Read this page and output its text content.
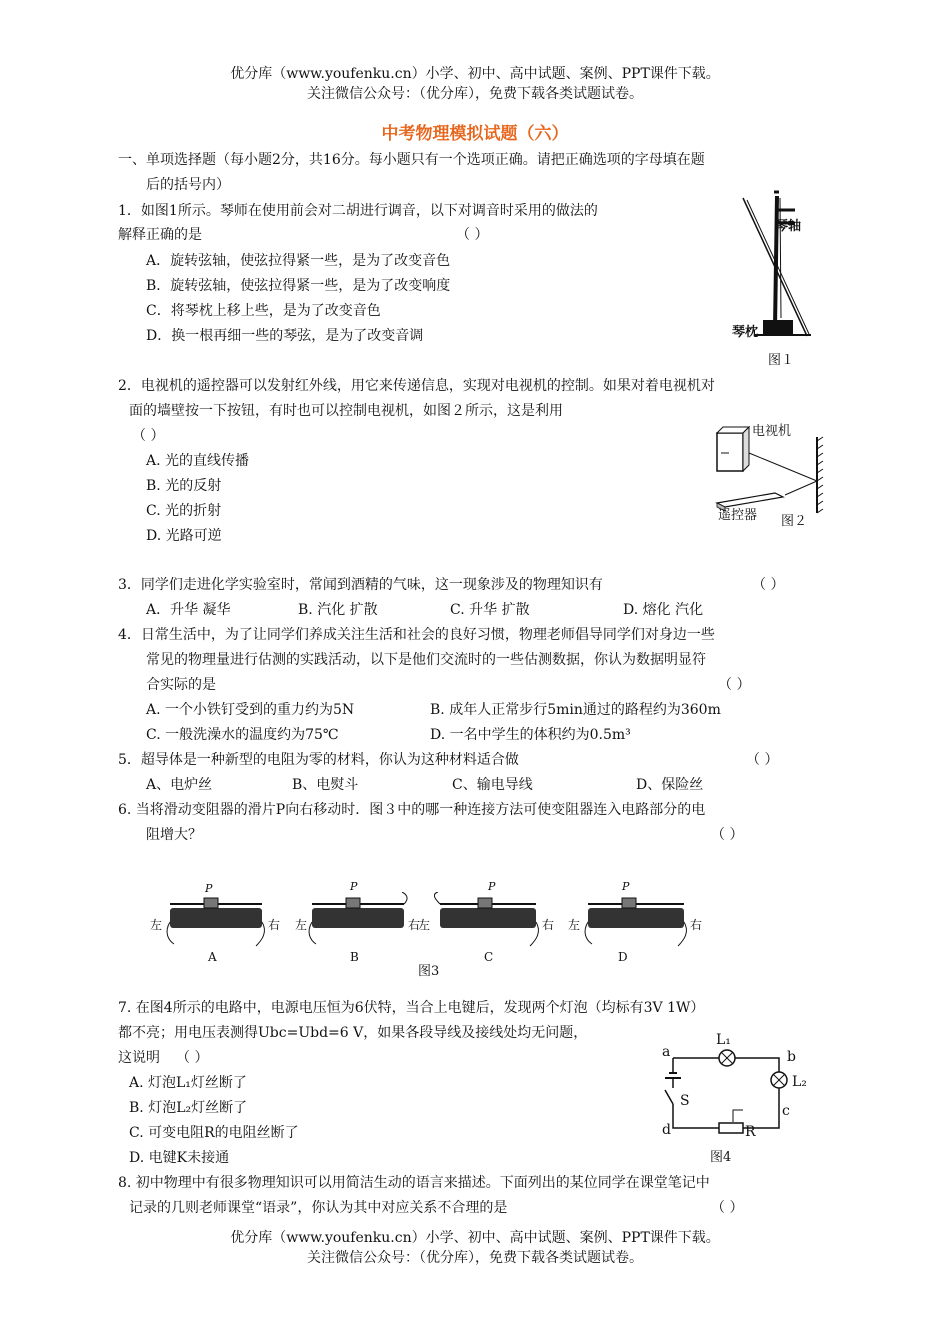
优分库（www.youfenku.cn）小学、初中、高中试题、案例、PPT课件下载。
关注微信公众号：（优分库），免费下载各类试题试卷。
中考物理模拟试题（六）
一、单项选择题（每小题2分，共16分。每小题只有一个选项正确。请把正确选项的字母填在题
后的括号内）
1．如图1所示。琴师在使用前会对二胡进行调音，以下对调音时采用的做法的
解释正确的是	（ ）
A．旋转弦轴，使弦拉得紧一些，是为了改变音色
B．旋转弦轴，使弦拉得紧一些，是为了改变响度
C．将琴枕上移上些，是为了改变音色
D．换一根再细一些的琴弦，是为了改变音调
琴轴
琴枕
图１
2．电视机的遥控器可以发射红外线，用它来传递信息，实现对电视机的控制。如果对着电视机对
面的墙壁按一下按钮，有时也可以控制电视机，如图２所示，这是利用
（ ）
A. 光的直线传播
B. 光的反射
C. 光的折射
D. 光路可逆
电视机
遥控器 图２
3．同学们走进化学实验室时，常闻到酒精的气味，这一现象涉及的物理知识有	（ ）
A．升华 凝华	B. 汽化 扩散	C. 升华 扩散	D. 熔化 汽化
4．日常生活中，为了让同学们养成关注生活和社会的良好习惯，物理老师倡导同学们对身边一些
常见的物理量进行估测的实践活动，以下是他们交流时的一些估测数据，你认为数据明显符
合实际的是	（ ）
A. 一个小铁钉受到的重力约为5N	B. 成年人正常步行5min通过的路程约为360m
C. 一般洗澡水的温度约为75℃	D. 一名中学生的体积约为0.5m³
5．超导体是一种新型的电阻为零的材料，你认为这种材料适合做	（ ）
A、电炉丝	B、电熨斗	C、输电导线	D、保险丝
6. 当将滑动变阻器的滑片P向右移动时．图３中的哪一种连接方法可使变阻器连入电路部分的电
阻增大？	（ ）
左	右
P
A
左	右
P
B
左	右
P
C
左	右
P
D
图3
7. 在图4所示的电路中，电源电压恒为6伏特，当合上电键后，发现两个灯泡（均标有3V 1W）
都不亮；用电压表测得Ubc=Ubd=6 V，如果各段导线及接线处均无问题，
这说明 （ ）
A. 灯泡L₁灯丝断了
B. 灯泡L₂灯丝断了
C. 可变电阻R的电阻丝断了
D. 电键K未接通
a
L₁
b
L₂
c
S
d	R
图4
8. 初中物理中有很多物理知识可以用简洁生动的语言来描述。下面列出的某位同学在课堂笔记中
记录的几则老师课堂“语录”，你认为其中对应关系不合理的是	（ ）
优分库（www.youfenku.cn）小学、初中、高中试题、案例、PPT课件下载。
关注微信公众号：（优分库），免费下载各类试题试卷。
